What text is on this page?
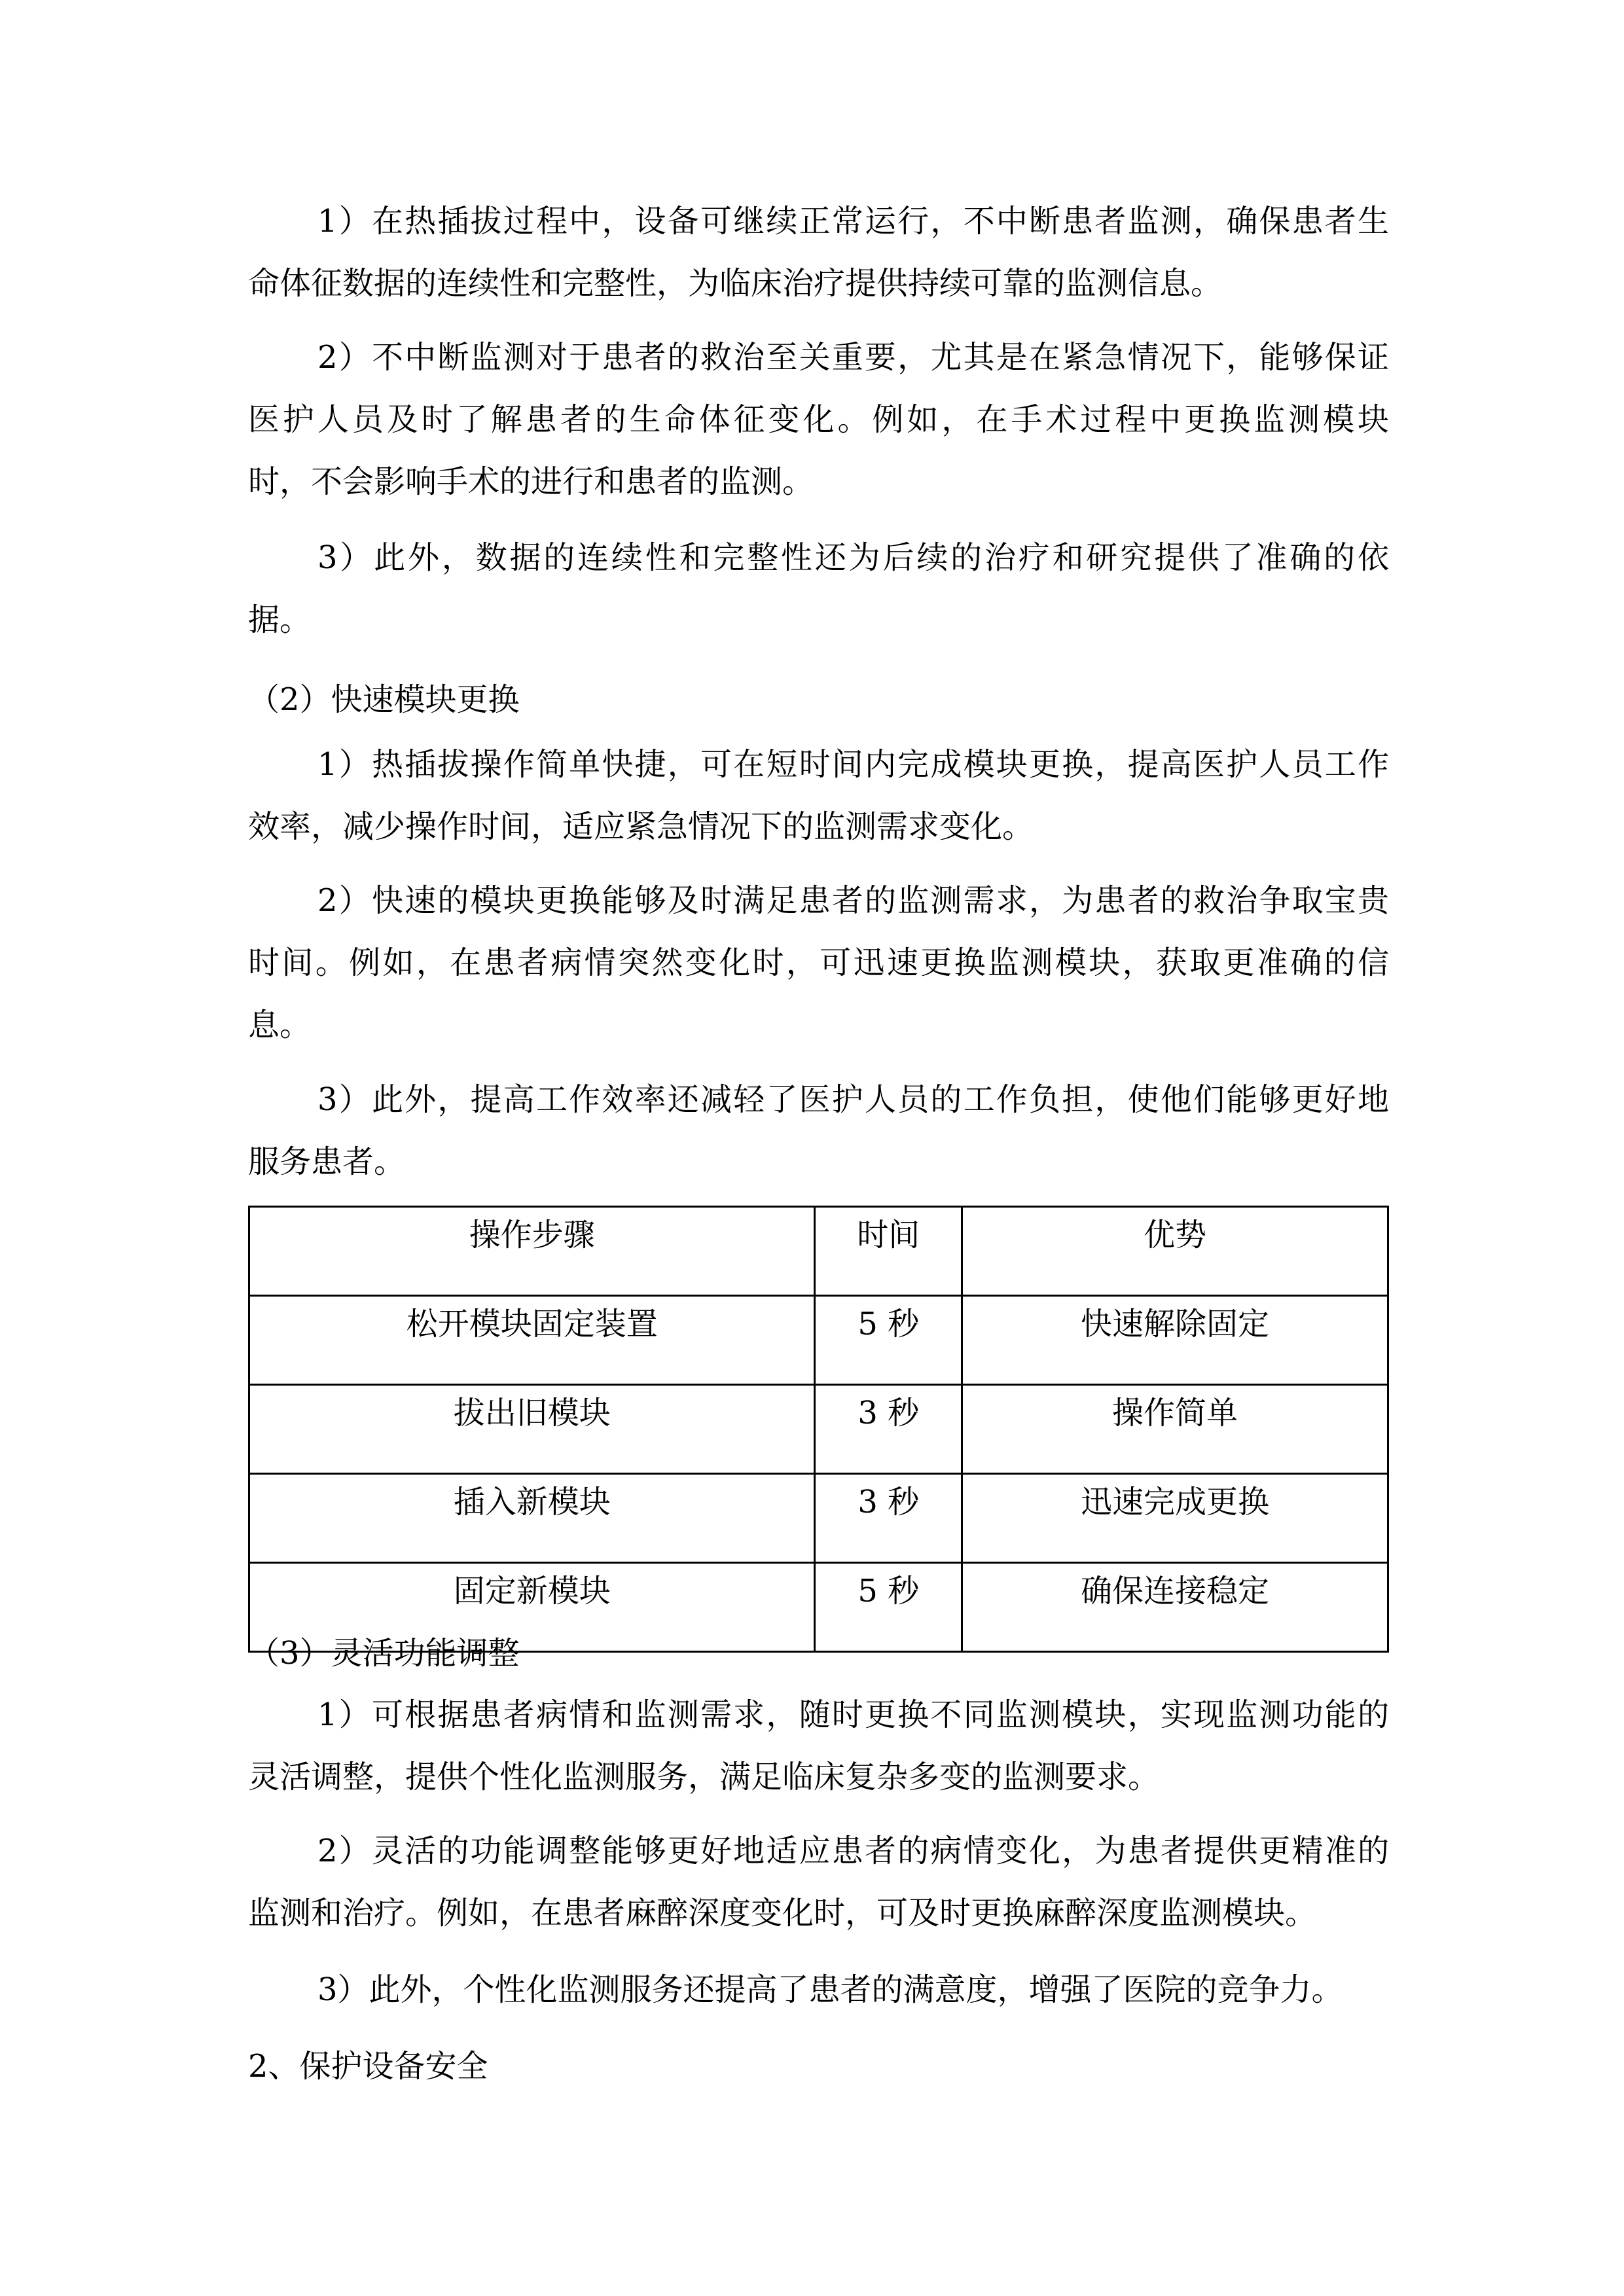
1）在热插拔过程中，设备可继续正常运行，不中断患者监测，确保患者生
命体征数据的连续性和完整性，为临床治疗提供持续可靠的监测信息。
2）不中断监测对于患者的救治至关重要，尤其是在紧急情况下，能够保证
医护人员及时了解患者的生命体征变化。例如，在手术过程中更换监测模块
时，不会影响手术的进行和患者的监测。
3）此外，数据的连续性和完整性还为后续的治疗和研究提供了准确的依
据。
（2）快速模块更换
1）热插拔操作简单快捷，可在短时间内完成模块更换，提高医护人员工作
效率，减少操作时间，适应紧急情况下的监测需求变化。
2）快速的模块更换能够及时满足患者的监测需求，为患者的救治争取宝贵
时间。例如，在患者病情突然变化时，可迅速更换监测模块，获取更准确的信
息。
3）此外，提高工作效率还减轻了医护人员的工作负担，使他们能够更好地
服务患者。
（3）灵活功能调整
1）可根据患者病情和监测需求，随时更换不同监测模块，实现监测功能的
灵活调整，提供个性化监测服务，满足临床复杂多变的监测要求。
2）灵活的功能调整能够更好地适应患者的病情变化，为患者提供更精准的
监测和治疗。例如，在患者麻醉深度变化时，可及时更换麻醉深度监测模块。
3）此外，个性化监测服务还提高了患者的满意度，增强了医院的竞争力。
2、保护设备安全
操作步骤	时间	优势
松开模块固定装置	5 秒	快速解除固定
拔出旧模块	3 秒	操作简单
插入新模块	3 秒	迅速完成更换
固定新模块	5 秒	确保连接稳定
